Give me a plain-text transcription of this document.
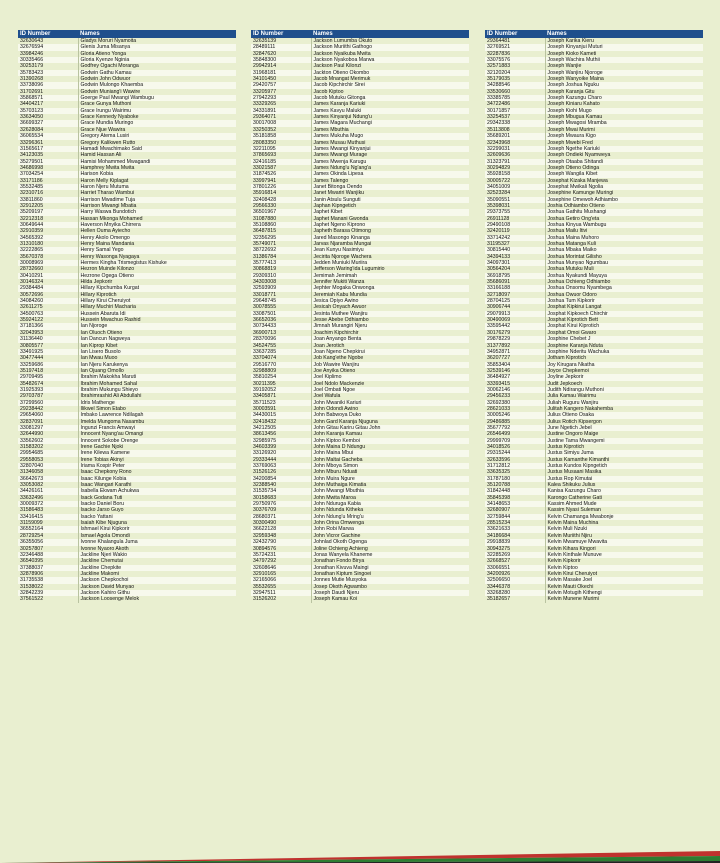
ID Number	Names
32630643	Gladys Moruri Nyamoita
32676594	Glenis Juma Misanya
33984246	Gloria Atieno Yonga
30335466	Gloria Kyenze Nginia
30253179	Godfrey Ogachi Moranga
35783423	Godwin Gathu Kamau
31390268	Godwin John Odwuor
33738096	Godwin Mulongo Khaemba
31702691	Godwin Muniang'i Wawire
35868571	Goerge Paul Mwangi Wambugu
34404217	Grace Gunya Muthoni
35703123	Grace Irungu Wairimu
33634050	Grace Kennedy Nyaboke
36699327	Grace Mundia Muringo
32628084	Grace Njue Wawira
36065534	Gregory Atema Lusiri
33296361	Gregory Kalikwen Rutto
31565617	Hamadi Mwachimako Said
34123035	Hamid Hassan Ali
35279501	Hamisi Mohammed Mwagandi
34686998	Hamphrey Mwita Mwita
37034254	Harison Kobia
33171186	Haron Melly Kiplagat
35532485	Haron Njeru Mutuma
32310716	Harriet Tharao Wambui
33811860	Harrison Mwadime Tuja
32912205	Harrison Mwangi Mbatia
35209197	Harry Waswa Bundotich
32212318	Hassan Mkonga Mohamed
30649644	Haverson Mnyika Chirrera
32910359	Hellen Ouma Ayiecho
34565392	Henry Akolo Omengo
31310180	Henry Maina Mandania
32222865	Henry Samal Yego
35670378	Henry Wasonga Nyagaya
30008969	Hermes Kingha Trismegistus Kishuke
28732660	Hezron Muinde Kilonzo
30410291	Hezrone Ogega Otieno
30146324	Hilda Jepkorir
29384484	Hillary Kipchumba Kurgat
30572696	Hillary Kiprotich
34084260	Hillary Kirui Cheruiyot
32611275	Hillary Muchiri Macharia
34500763	Hussein Abaruta Idi
35924122	Hussein Mwachuo Rashid
37181366	Ian Njoroge
32043953	Ian Oluoch Otieno
31136440	Ian Dancun Nagweya
30805577	Ian Kiprop Kibet
33491925	Ian Lisero Busolo
30477444	Ian Mwau Muoo
33259686	Ian Njeru Karukenya
35197418	Ian Ojuang Omollo
29709495	Ibrahim Makokha Maruti
35482674	Ibrahim Mohamed Sahal
31925393	Ibrahim Mukungu Shieyo
29703787	Ibrahimrashid Ali Abdullahi
37299560	Idris Mathenge
29238442	Ilikwel Simon Etabo
29654060	Imbako Lawrence Ndilagah
32837091	Imelda Mungoma Nasambu
33081297	Ingunzi Francis Amwayi
32644990	Innocent Nyang'au Omangi
33562602	Innocent Sokobe Orenge
31583202	Irene Gachie Njoki
29954685	Irene Kilewa Kamene
29558053	Irene Tobias Akinyi
32807040	Iriama Kospir Peter
31346058	Isaac Chepkony Rono
36642673	Isaac Kilunge Kobia
33053082	Isaac Wangari Karathi
34426161	Isabella Ekwam Achukwa
33632496	Isack Godana Tuti
30009372	Isacko Daniel Boru
31586483	Isacko Jarso Guyo
33416415	Isacko Yattani
31159099	Isaiah Kibe Njuguna
36552164	Ishmael Kirui Kipkorir
28729254	Ismael Agola Omondi
36355056	Ivonne Khalangula Juma
30257807	Ivonne Nyaoro Akoth
32346488	Jackline Njeri Wakio
36540395	Jackline Chemutai
37388037	Jackline Chepkite
32878906	Jackline Makomi
31735538	Jackson Chepkochoi
31538022	Jackson David Munyao
32842239	Jackson Kahiro Githu
37561522	Jackson Loosenge Melok
ID Number	Names
32635139	Jackson Lumumba Okuto
28489111	Jackson Muriithi Gathogo
32847620	Jackson Nyaikuba Mwita
35848300	Jackson Nyakoboa Marwa
29942914	Jackson Paul Kilonzi
31968181	Jackton Otieno Okombo
34101450	Jacob Mnangat Merimuk
29420757	Jacob Kipchirchir Sirei
33205977	Jacob Kiptoo
27942293	Jacob Mutuku Gitonga
33329265	James Karanja Kariuki
34331891	James Kavyu Maluki
29364071	James Kinyanjui Ndung'u
30017008	James Magara Muchangi
33250352	James Mbuthia
35181858	James Mukuha Mugo
28083350	James Musau Muthusi
32211095	James Mwangi Kinyanjui
37865693	James Mwangi Murage
32416185	James Mwenja Karugu
33021587	James Ndung'u Ng'ang'a
31874526	James Okinda Lipesa
33997941	James Talengo
37801226	Janet Bitonga Oendo
35916814	Janet Mwariri Wanjiku
32408428	Janin Atsulu Sunguti
29566330	Japhan Kipngetich
36501967	Japhet Kibet
31087880	Japhet Manani Gwonda
35108860	Japhet Ngeno Kiprono
36487815	Japheth Barasa Otimong
32356295	Jared Masongo Kinanga
35749071	Jarvas Njaramba Mungai
38722692	Jean Kunyu Nasimiyu
31386784	Jecirita Njoroge Wachera
35777413	Jedden Muniuki Muriira
30868819	Jefferson Waring'ida Lugumirio
29309310	Jemimah Jemimah
34303008	Jennifer Mukiti Wanza
32593909	Jephter Mogaka Onwonga
33018771	Jeremiah Kabu Mundia
29648745	Jesica Opiyo Awino
30078555	Jesicah Onyach Awuor
33087501	Jesinta Muthee Wanjiru
36652036	Jesse Abebe Odhiambo
30734433	Jimnah Murangiri Njeru
36900713	Joachim Kipchirchir
28370096	Joan Anyango Benta
34524755	Joan Jerotich
33637285	Joan Ngeno Chepkirui
33704074	Job Kang'ethe Ngobe
29516770	Job Wawire Wanjiru
32988809	Joe Anyika Otieno
35810254	Joel Kiplimo
30211395	Joel Ndolo Mackenzie
39192052	Joel Ombati Ngoe
33405871	Joel Wafula
35711523	John Mwaniki Kariuri
30003591	John Odondi Awino
34430015	John Babwoya Duko
32418432	John Gard Karanja Njuguna
34212505	John Gitau Kariru Gitau John
38613456	John Karanja Kamau
32985975	John Kiptoo Kemboi
34603399	John Maina D Ndungu
33126920	John Maina Mbui
29333444	John Maltai Gacheba
33769063	John Mboya Simon
31526126	John Mburu Nduati
34200854	John Muira Ngure
32388540	John Muthaiga Kimatia
31535734	John Mwangi Mbuthia
30158683	John Mwita Maroa
29750976	John Nduruga Kabia
30376709	John Ndunda Kitheka
28680371	John Ndung'u Mring'u
30300490	John Orina Omwenga
36622128	John Robi Marwa
32959348	John Vicror Gachine
32432790	Johnlad Okoth Ogenga
30894576	Joline Ochieng Achieng
35724231	Jonas Wanyela Khaneme
34797292	Jonathan Fondo Birya
32608646	Jonathan Kivuva Maingi
32910165	Jonathan Kiptum Singoei
32165066	Jonnes Mutie Musyoka
35532655	Josep Okoth Agwambo
32947511	Joseph Daudi Njeru
31526202	Joseph Kamau Koi
ID Number	Names
29364481	Joseph Karika Kieru
32769521	Joseph Kinyanjui Muturi
32287836	Joseph Kioko Kameti
33075576	Joseph Wachira Muthii
32571883	Joseph Wanjie
32120204	Joseph Wanjiru Njoroge
35179035	Joseph Wanyoike Maina
34288546	Joseph Joshua Nguku
33530660	Joseph Karanja Gitu
33385785	Joseph Kazungu Charo
34722486	Joseph Kiniaru Kahato
30171857	Joseph Kiohi Mugo
33254537	Joseph Mbugua Kamau
29342338	Joseph Mwagosi Mramba
35113808	Joseph Mwai Murimi
35689201	Joseph Mwaura Kigo
32343968	Joseph Mwebi Fred
32299031	Joseph Ngethe Kariuki
32609636	Joseph Ondieki Nyamweya
31323791	Joseph Otaaba Shitandi
30294829	Joseph Otieno Odinga
35928158	Joseph Wangila Kibet
30005722	Josephat Kizaka Manjewa
34051009	Josephat Mwikali Ngolia
32523284	Josephine Kamunge Muringi
35090551	Josephine Omewoh Adhiambo
35398031	Joshia Odhiambo Otieno
29373755	Joshua Gathitu Mushangi
26911128	Joshua Getiro Ong'eta
29490108	Joshua Kinyua Wambugu
32420119	Joshua Mailu Itivi
33714242	Joshua Maina Muhoro
31195327	Joshua Matanga Kuli
30815440	Joshua Mbaka Maiko
34394133	Joshua Morintat Gilisho
34097301	Joshua Munyao Ngumbau
30564204	Joshua Mutuku Muli
36918795	Joshua Nyakundi Mayuya
35686091	Joshua Ochieng Odhiambo
33166188	Joshua Onsomu Nyambega
32718097	Joshua Owuor Odoro
28704125	Joshua Tum Kipkorir
30906744	Josphat Kipkirui Langat
29079913	Josphat Kipkoech Chirchir
30490069	Josphat Kiprotich Bett
33595442	Josphat Kirui Kiprotich
30176279	Josphat Omoi Gwaro
29878229	Josphine Chebet J
31377892	Josphine Karanja Nduta
34952871	Josphine Nderitu Wachuka
36207727	Jotham Kiprotich
35853404	Joy Kirugara Nkatha
32539146	Joyce Chepkemoi
36484927	Joyline Jepkorir
33393415	Judit Jepkoech
30062146	Judith Ndirangu Muthoni
29456233	Julia Kamau Wairimu
32692380	Juliah Ruguru Wanjiru
28621033	Julitah Kangero Nakahemba
30005246	Julius Otieno Osaka
29486885	Julius Rotich Kipsergon
35677792	June Ngetich Jebel
26546499	Justine Ongoro Maige
29999709	Justine Tama Mwangemi
34018526	Justus Kiprotich
29315244	Justus Simiyu Juma
32633596	Justus Kamanthe Kimanthi
31712812	Justus Kundos Kipngetich
33635325	Justus Musaani Masika
31787180	Justus Rop Kimutai
35120788	Kalea Shikuku Julius
31842448	Kanisa Kazungu Charo
35845398	Karongo Catherine Gati
34148653	Kassim Ahmed Mude
32680907	Kassim Nyasi Suleman
32759844	Kelvin Chamanga Mwabonje
28515234	Kelvin Maina Muchina
33621633	Kelvin Muli Nzuki
34186684	Kelvin Muriithi Njiru
29918839	Kelvin Mwamuye Mwavita
30943275	Kelvin Kihara Kingori
32285269	Kelvin Kinthale Munuve
32668527	Kelvin Kipkorir
33066551	Kelvin Kiptoo
34200926	Kelvin Kirui Cheruiyot
32506650	Kelvin Masake Joel
33446378	Kelvin Mauti Okechi
33268280	Kelvin Motugih Kithengi
35182657	Kelvin Munene Murimi
